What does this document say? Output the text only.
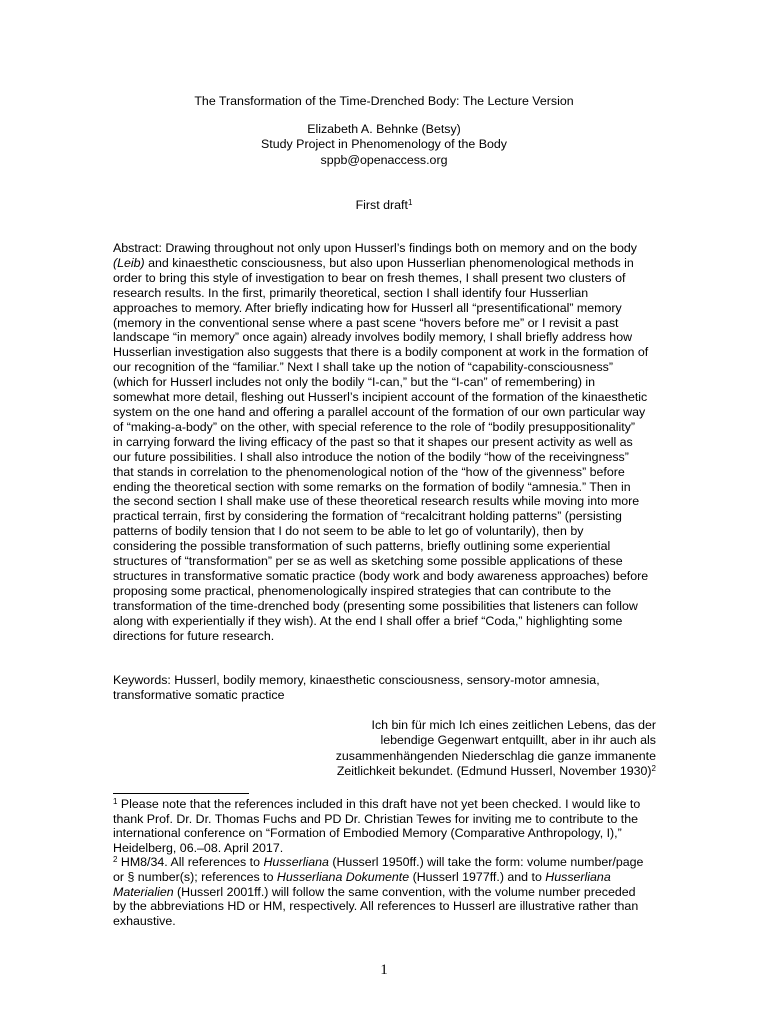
The Transformation of the Time-Drenched Body: The Lecture Version
Elizabeth A. Behnke (Betsy)
Study Project in Phenomenology of the Body
sppb@openaccess.org
First draft$^1$
Abstract: Drawing throughout not only upon Husserl’s findings both on memory and on the body
(Leib) and kinaesthetic consciousness, but also upon Husserlian phenomenological methods in
order to bring this style of investigation to bear on fresh themes, I shall present two clusters of
research results. In the first, primarily theoretical, section I shall identify four Husserlian
approaches to memory. After briefly indicating how for Husserl all “presentificational” memory
(memory in the conventional sense where a past scene “hovers before me” or I revisit a past
landscape “in memory” once again) already involves bodily memory, I shall briefly address how
Husserlian investigation also suggests that there is a bodily component at work in the formation of
our recognition of the “familiar.” Next I shall take up the notion of “capability-consciousness”
(which for Husserl includes not only the bodily “I-can,” but the “I-can” of remembering) in
somewhat more detail, fleshing out Husserl’s incipient account of the formation of the kinaesthetic
system on the one hand and offering a parallel account of the formation of our own particular way
of “making-a-body” on the other, with special reference to the role of “bodily presuppositionality”
in carrying forward the living efficacy of the past so that it shapes our present activity as well as
our future possibilities. I shall also introduce the notion of the bodily “how of the receivingness”
that stands in correlation to the phenomenological notion of the “how of the givenness” before
ending the theoretical section with some remarks on the formation of bodily “amnesia.” Then in
the second section I shall make use of these theoretical research results while moving into more
practical terrain, first by considering the formation of “recalcitrant holding patterns” (persisting
patterns of bodily tension that I do not seem to be able to let go of voluntarily), then by
considering the possible transformation of such patterns, briefly outlining some experiential
structures of “transformation” per se as well as sketching some possible applications of these
structures in transformative somatic practice (body work and body awareness approaches) before
proposing some practical, phenomenologically inspired strategies that can contribute to the
transformation of the time-drenched body (presenting some possibilities that listeners can follow
along with experientially if they wish). At the end I shall offer a brief “Coda,” highlighting some
directions for future research.
Keywords: Husserl, bodily memory, kinaesthetic consciousness, sensory-motor amnesia,
transformative somatic practice
Ich bin für mich Ich eines zeitlichen Lebens, das der
lebendige Gegenwart entquillt, aber in ihr auch als
zusammenhängenden Niederschlag die ganze immanente
Zeitlichkeit bekundet. (Edmund Husserl, November 1930)$^2$
$^1$ Please note that the references included in this draft have not yet been checked. I would like to
thank Prof. Dr. Dr. Thomas Fuchs and PD Dr. Christian Tewes for inviting me to contribute to the
international conference on “Formation of Embodied Memory (Comparative Anthropology, I),”
Heidelberg, 06.–08. April 2017.
$^2$ HM8/34. All references to Husserliana (Husserl 1950ff.) will take the form: volume number/page
or § number(s); references to Husserliana Dokumente (Husserl 1977ff.) and to Husserliana
Materialien (Husserl 2001ff.) will follow the same convention, with the volume number preceded
by the abbreviations HD or HM, respectively. All references to Husserl are illustrative rather than
exhaustive.
1
